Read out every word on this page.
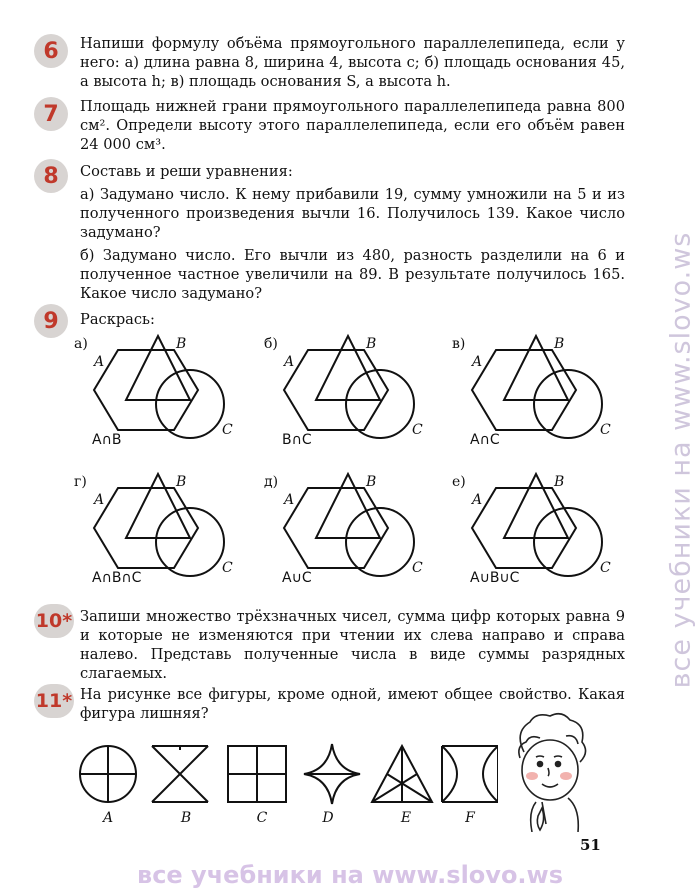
6	Напиши формулу объёма прямоугольного параллелепипеда, если у него: а) длина равна 8, ширина 4, высота c; б) площадь основания 45, а высота h; в) площадь основания S, а высота h.

7	Площадь нижней грани прямоугольного параллелепипеда равна 800 см². Определи высоту этого параллелепипеда, если его объём равен 24 000 см³.

8	Составь и реши уравнения:

а) Задумано число. К нему прибавили 19, сумму умножили на 5 и из полученного произведения вычли 16. Получилось 139. Какое число задумано?

б) Задумано число. Его вычли из 480, разность разделили на 6 и полученное частное увеличили на 89. В результате получилось 165. Какое число задумано?

9	Раскрась:

а)
A
B
C
A∩B
б)
A
B
C
B∩C
в)
A
B
C
A∩C
г)
A
B
C
A∩B∩C
д)
A
B
C
A∪C
е)
A
B
C
A∪B∪C
10* Запиши множество трёхзначных чисел, сумма цифр которых равна 9 и которые не изменяются при чтении их слева направо и справа налево. Представь полученные числа в виде суммы разрядных слагаемых.

11* На рисунке все фигуры, кроме одной, имеют общее свойство. Какая фигура лишняя?

A	B	C	D	E	F
51
все учебники на www.slovo.ws
все учебники на www.slovo.ws
